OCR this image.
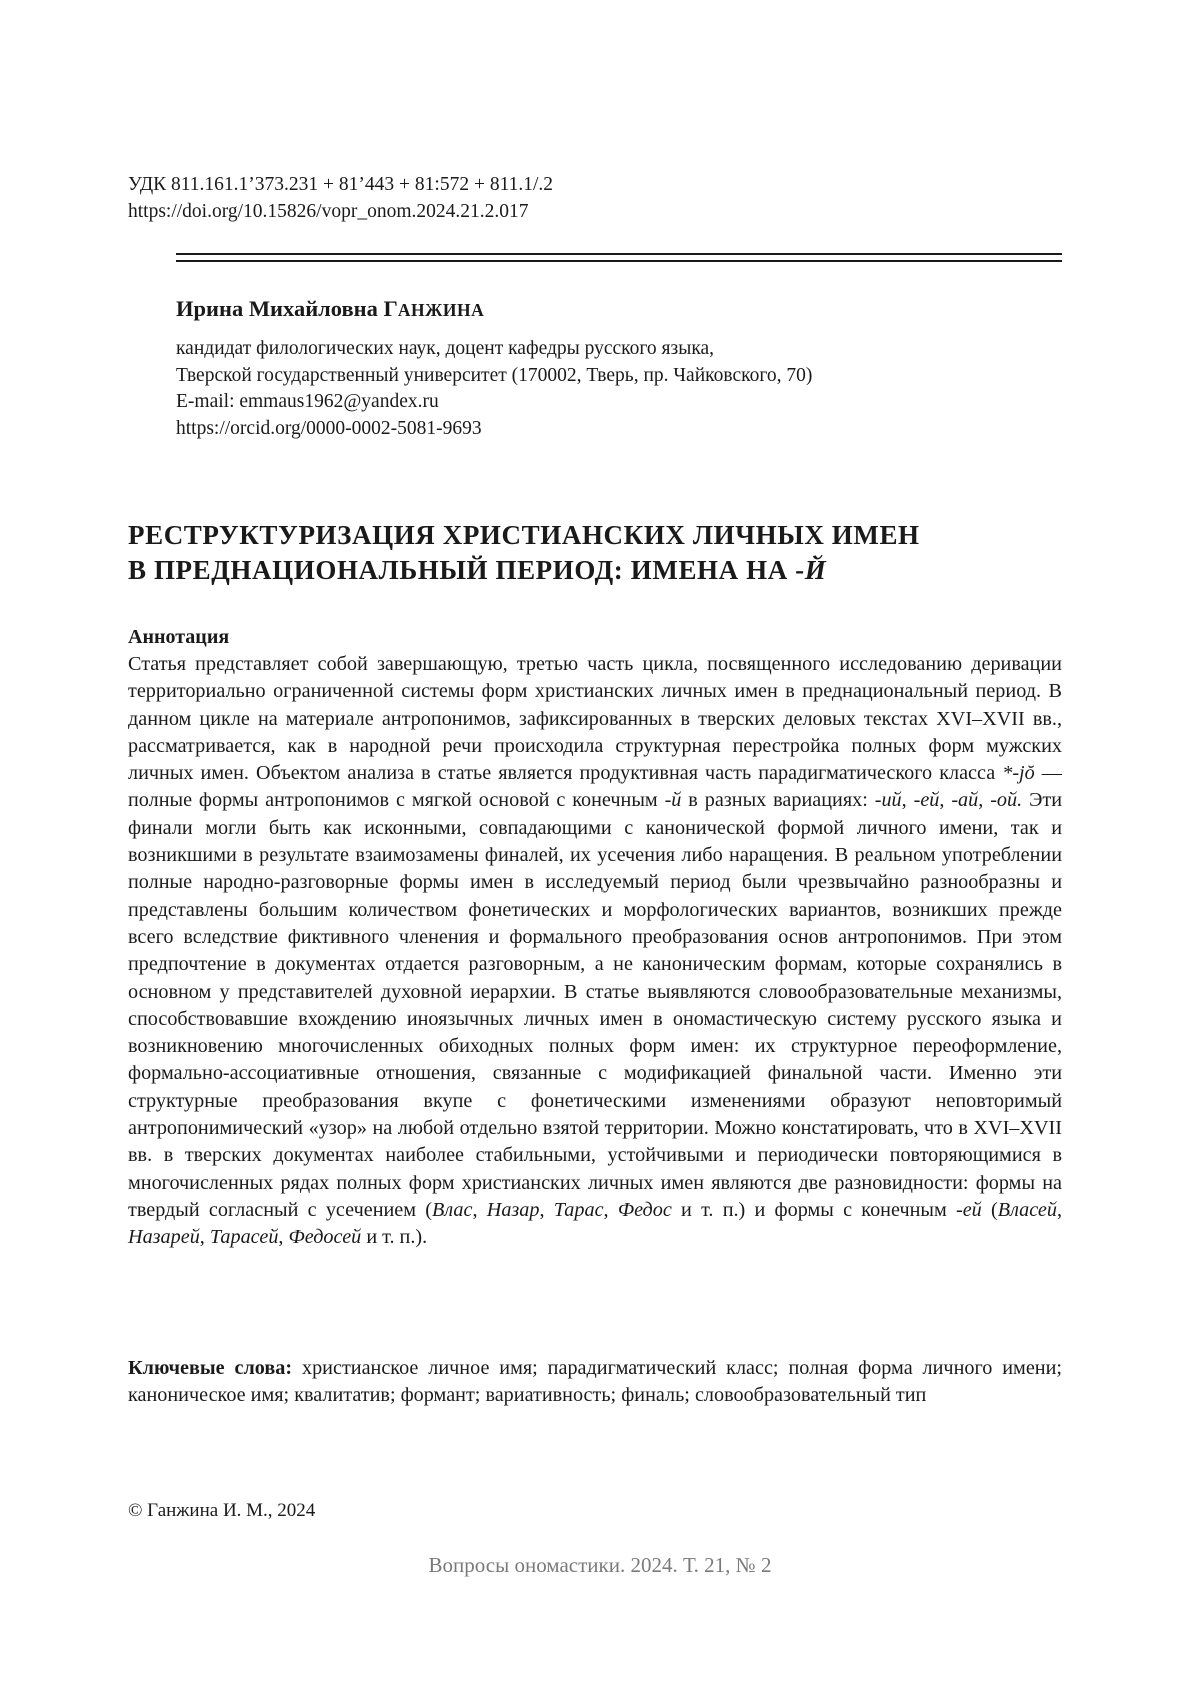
УДК 811.161.1’373.231 + 81’443 + 81:572 + 811.1/.2
https://doi.org/10.15826/vopr_onom.2024.21.2.017
Ирина Михайловна ГАНЖИНА
кандидат филологических наук, доцент кафедры русского языка,
Тверской государственный университет (170002, Тверь, пр. Чайковского, 70)
E-mail: emmaus1962@yandex.ru
https://orcid.org/0000-0002-5081-9693
РЕСТРУКТУРИЗАЦИЯ ХРИСТИАНСКИХ ЛИЧНЫХ ИМЕН
В ПРЕДНАЦИОНАЛЬНЫЙ ПЕРИОД: ИМЕНА НА -Й
Аннотация
Статья представляет собой завершающую, третью часть цикла, посвященного исследованию деривации территориально ограниченной системы форм христианских личных имен в преднациональный период. В данном цикле на материале антропонимов, зафиксированных в тверских деловых текстах XVI–XVII вв., рассматривается, как в народной речи происходила структурная перестройка полных форм мужских личных имен. Объектом анализа в статье является продуктивная часть парадигматического класса *-jŏ — полные формы антропонимов с мягкой основой с конечным -й в разных вариациях: -ий, -ей, -ай, -ой. Эти финали могли быть как исконными, совпадающими с канонической формой личного имени, так и возникшими в результате взаимозамены финалей, их усечения либо наращения. В реальном употреблении полные народно-разговорные формы имен в исследуемый период были чрезвычайно разнообразны и представлены большим количеством фонетических и морфологических вариантов, возникших прежде всего вследствие фиктивного членения и формального преобразования основ антропонимов. При этом предпочтение в документах отдается разговорным, а не каноническим формам, которые сохранялись в основном у представителей духовной иерархии. В статье выявляются словообразовательные механизмы, способствовавшие вхождению иноязычных личных имен в ономастическую систему русского языка и возникновению многочисленных обиходных полных форм имен: их структурное переоформление, формально-ассоциативные отношения, связанные с модификацией финальной части. Именно эти структурные преобразования вкупе с фонетическими изменениями образуют неповторимый антропонимический «узор» на любой отдельно взятой территории. Можно констатировать, что в XVI–XVII вв. в тверских документах наиболее стабильными, устойчивыми и периодически повторяющимися в многочисленных рядах полных форм христианских личных имен являются две разновидности: формы на твердый согласный с усечением (Влас, Назар, Тарас, Федос и т. п.) и формы с конечным -ей (Власей, Назарей, Тарасей, Федосей и т. п.).
Ключевые слова: христианское личное имя; парадигматический класс; полная форма личного имени; каноническое имя; квалитатив; формант; вариативность; финаль; словообразовательный тип
© Ганжина И. М., 2024
Вопросы ономастики. 2024. Т. 21, № 2
